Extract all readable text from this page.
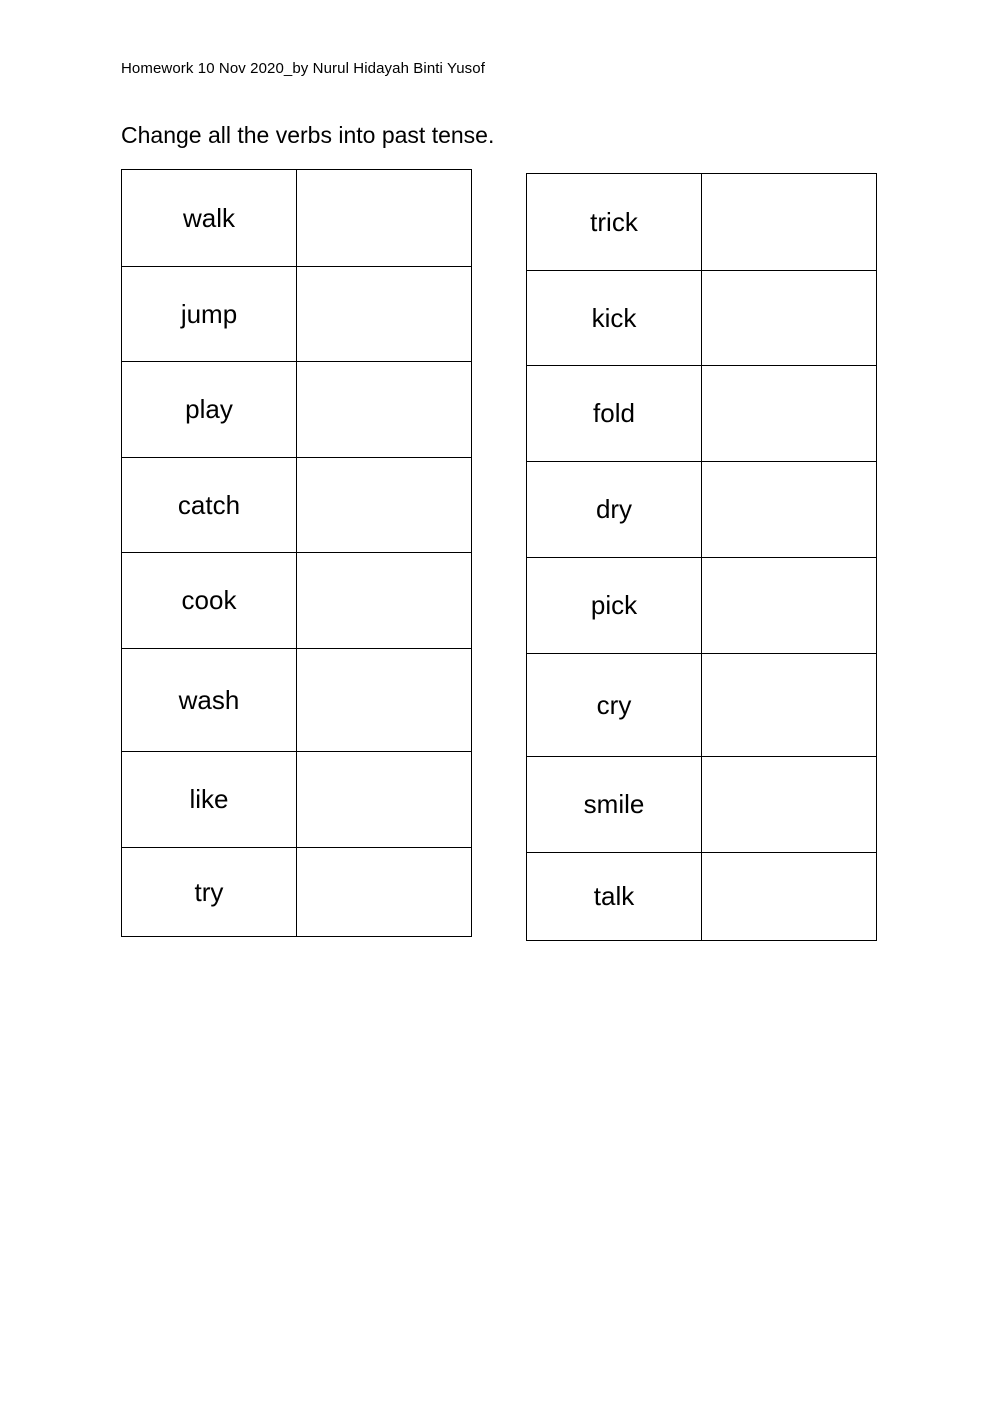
Homework 10 Nov 2020_by Nurul Hidayah Binti Yusof
Change all the verbs into past tense.
walk	
jump	
play	
catch	
cook	
wash	
like	
try	
trick	
kick	
fold	
dry	
pick	
cry	
smile	
talk	
